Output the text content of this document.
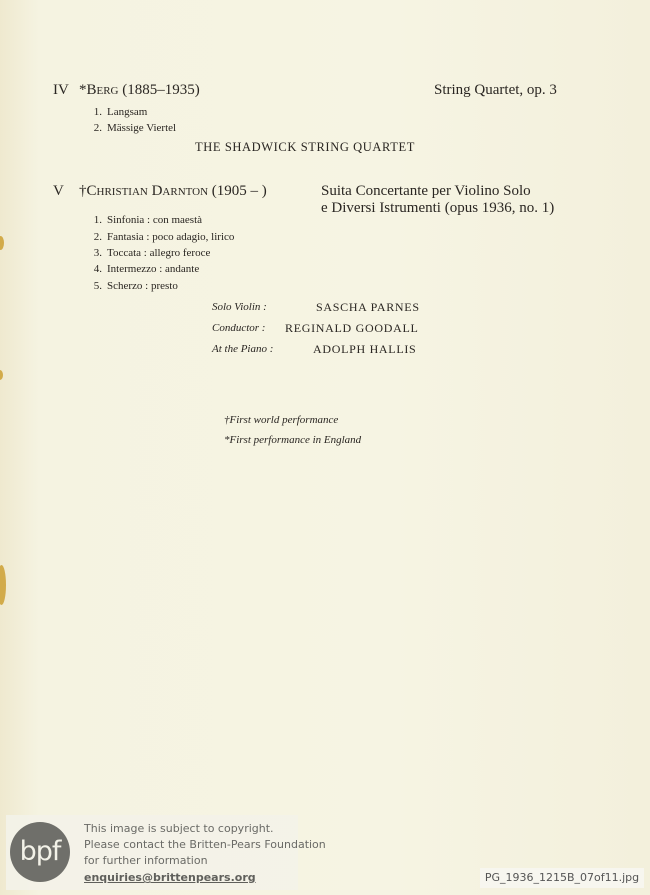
IV *Berg (1885–1935)	String Quartet, op. 3
1. Langsam
2. Mässige Viertel
THE SHADWICK STRING QUARTET
V †Christian Darnton (1905 – )	Suita Concertante per Violino Solo
e Diversi Istrumenti (opus 1936, no. 1)
1. Sinfonia : con maestà
2. Fantasia : poco adagio, lirico
3. Toccata : allegro feroce
4. Intermezzo : andante
5. Scherzo : presto
Solo Violin :	SASCHA PARNES
Conductor : REGINALD GOODALL
At the Piano :	ADOLPH HALLIS
†First world performance
*First performance in England
bpf
This image is subject to copyright.
Please contact the Britten-Pears Foundation
for further information
enquiries@brittenpears.org	PG_1936_1215B_07of11.jpg
